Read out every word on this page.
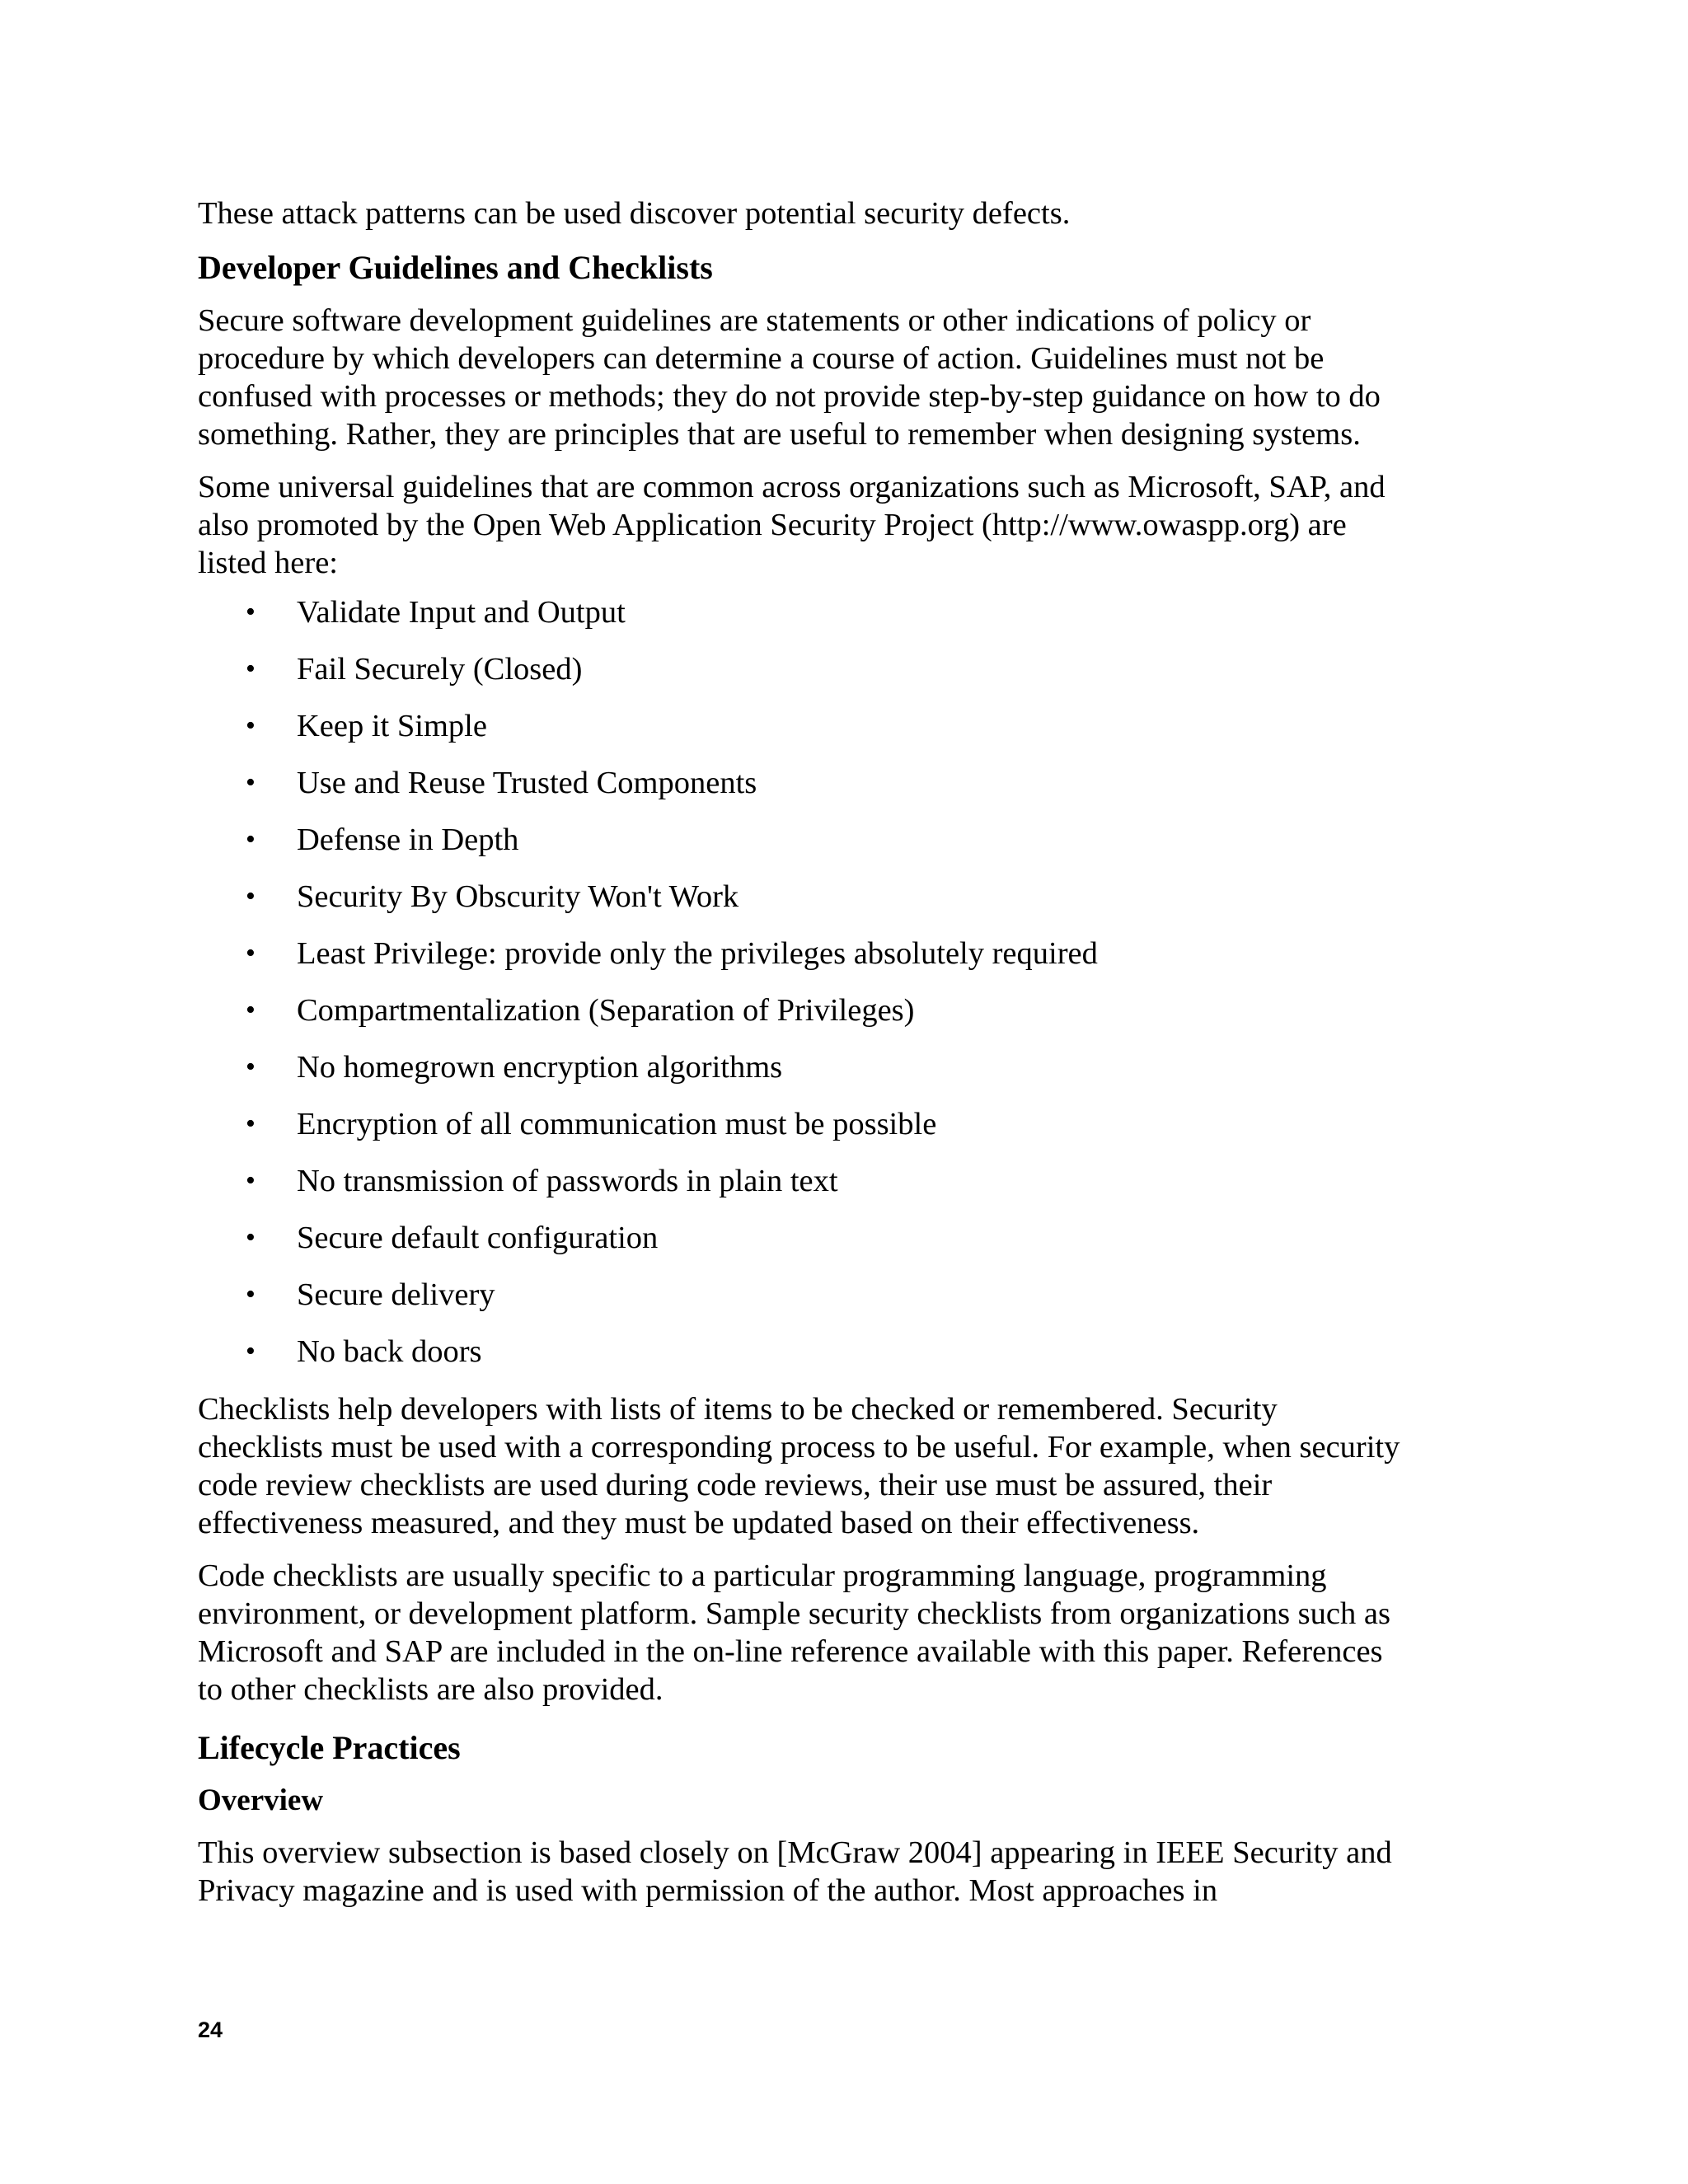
These attack patterns can be used discover potential security defects.

Developer Guidelines and Checklists

Secure software development guidelines are statements or other indications of policy or procedure by which developers can determine a course of action. Guidelines must not be confused with processes or methods; they do not provide step-by-step guidance on how to do something. Rather, they are principles that are useful to remember when designing systems.

Some universal guidelines that are common across organizations such as Microsoft, SAP, and also promoted by the Open Web Application Security Project (http://www.owaspp.org) are listed here:

• Validate Input and Output
• Fail Securely (Closed)
• Keep it Simple
• Use and Reuse Trusted Components
• Defense in Depth
• Security By Obscurity Won't Work
• Least Privilege: provide only the privileges absolutely required
• Compartmentalization (Separation of Privileges)
• No homegrown encryption algorithms
• Encryption of all communication must be possible
• No transmission of passwords in plain text
• Secure default configuration
• Secure delivery
• No back doors

Checklists help developers with lists of items to be checked or remembered. Security checklists must be used with a corresponding process to be useful. For example, when security code review checklists are used during code reviews, their use must be assured, their effectiveness measured, and they must be updated based on their effectiveness.

Code checklists are usually specific to a particular programming language, programming environment, or development platform. Sample security checklists from organizations such as Microsoft and SAP are included in the on-line reference available with this paper. References to other checklists are also provided.

Lifecycle Practices
Overview

This overview subsection is based closely on [McGraw 2004] appearing in IEEE Security and Privacy magazine and is used with permission of the author. Most approaches in

24
